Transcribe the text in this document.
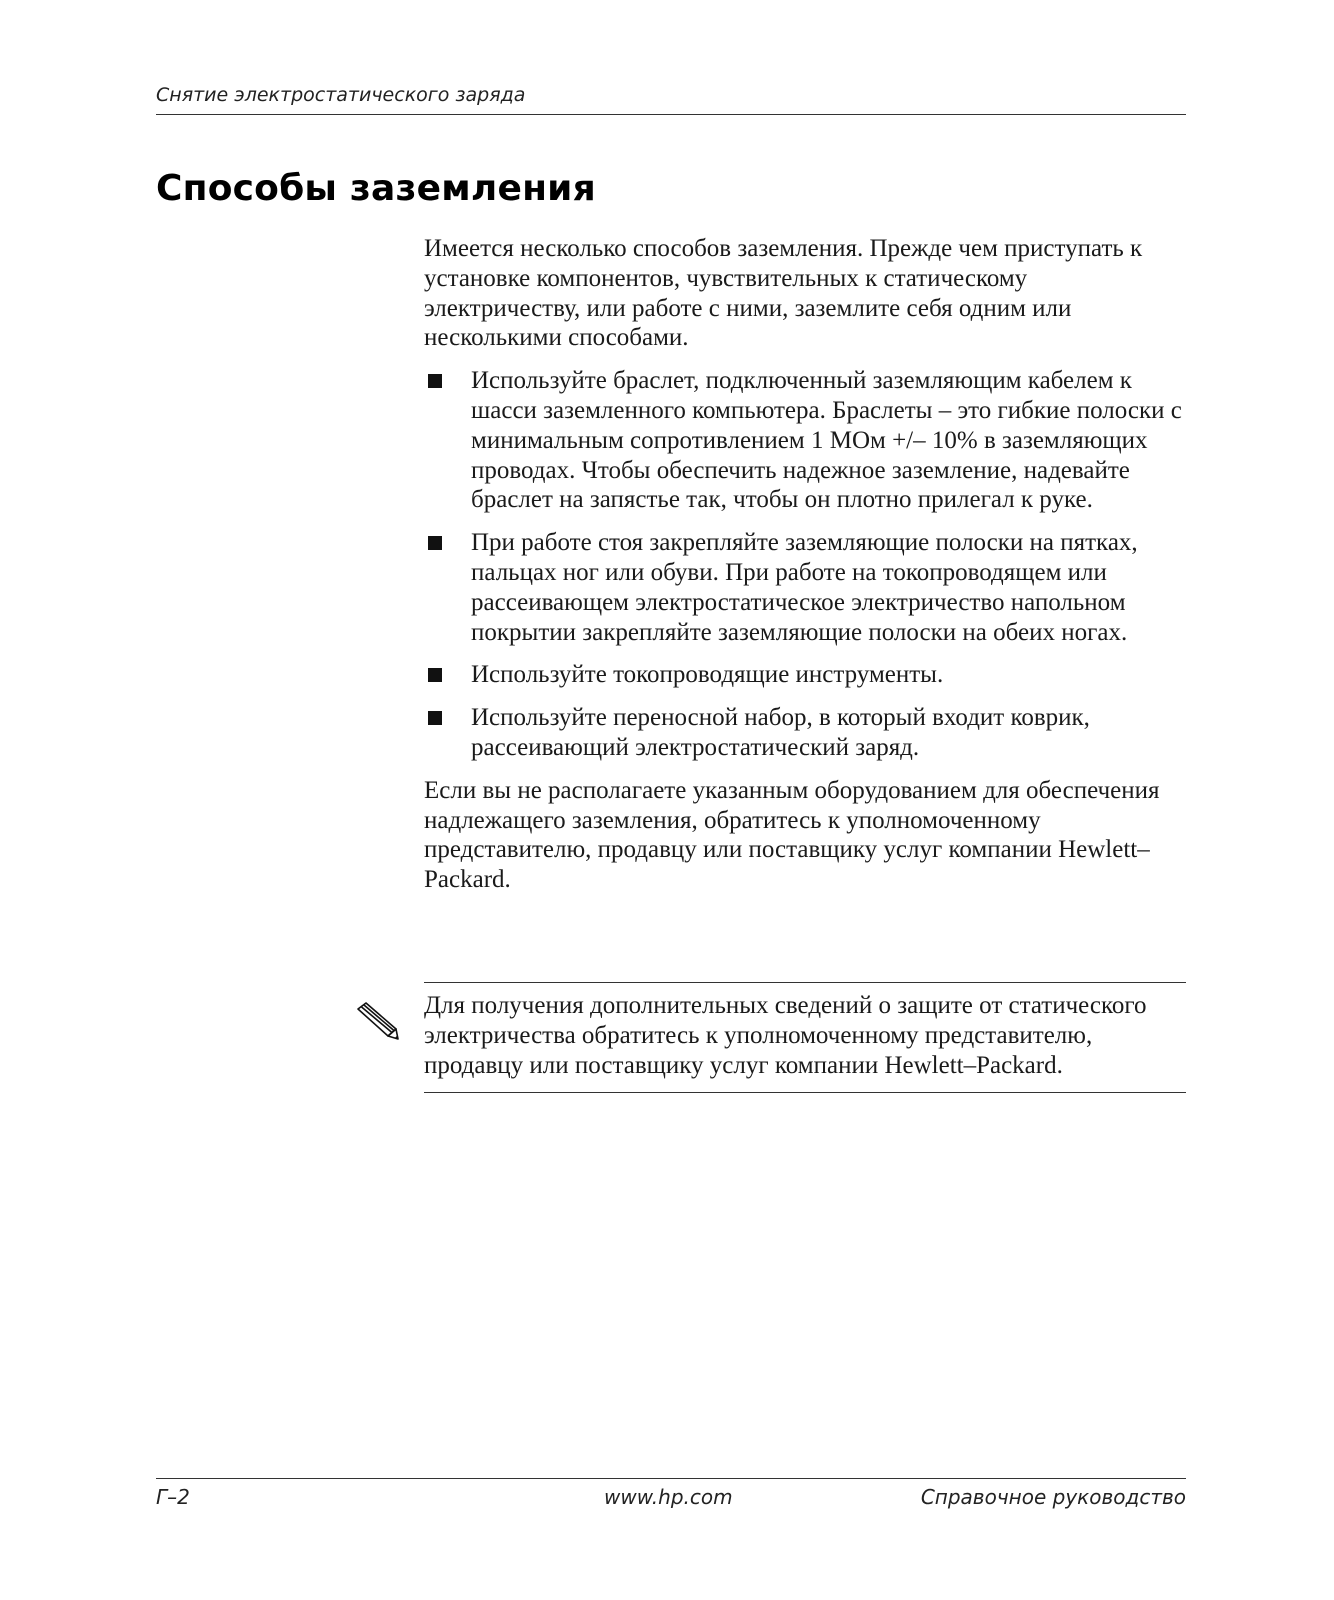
Снятие электростатического заряда
Способы заземления

Имеется несколько способов заземления. Прежде чем приступать к установке компонентов, чувствительных к статическому электричеству, или работе с ними, заземлите себя одним или несколькими способами.

Используйте браслет, подключенный заземляющим кабелем к шасси заземленного компьютера. Браслеты – это гибкие полоски с минимальным сопротивлением 1 МОм +/– 10% в заземляющих проводах. Чтобы обеспечить надежное заземление, надевайте браслет на запястье так, чтобы он плотно прилегал к руке.
При работе стоя закрепляйте заземляющие полоски на пятках, пальцах ног или обуви. При работе на токопроводящем или рассеивающем электростатическое электричество напольном покрытии закрепляйте заземляющие полоски на обеих ногах.
Используйте токопроводящие инструменты.
Используйте переносной набор, в который входит коврик, рассеивающий электростатический заряд.

Если вы не располагаете указанным оборудованием для обеспечения надлежащего заземления, обратитесь к уполномоченному представителю, продавцу или поставщику услуг компании Hewlett–Packard.

Для получения дополнительных сведений о защите от статического электричества обратитесь к уполномоченному представителю, продавцу или поставщику услуг компании Hewlett–Packard.
Г–2	www.hp.com	Справочное руководство
